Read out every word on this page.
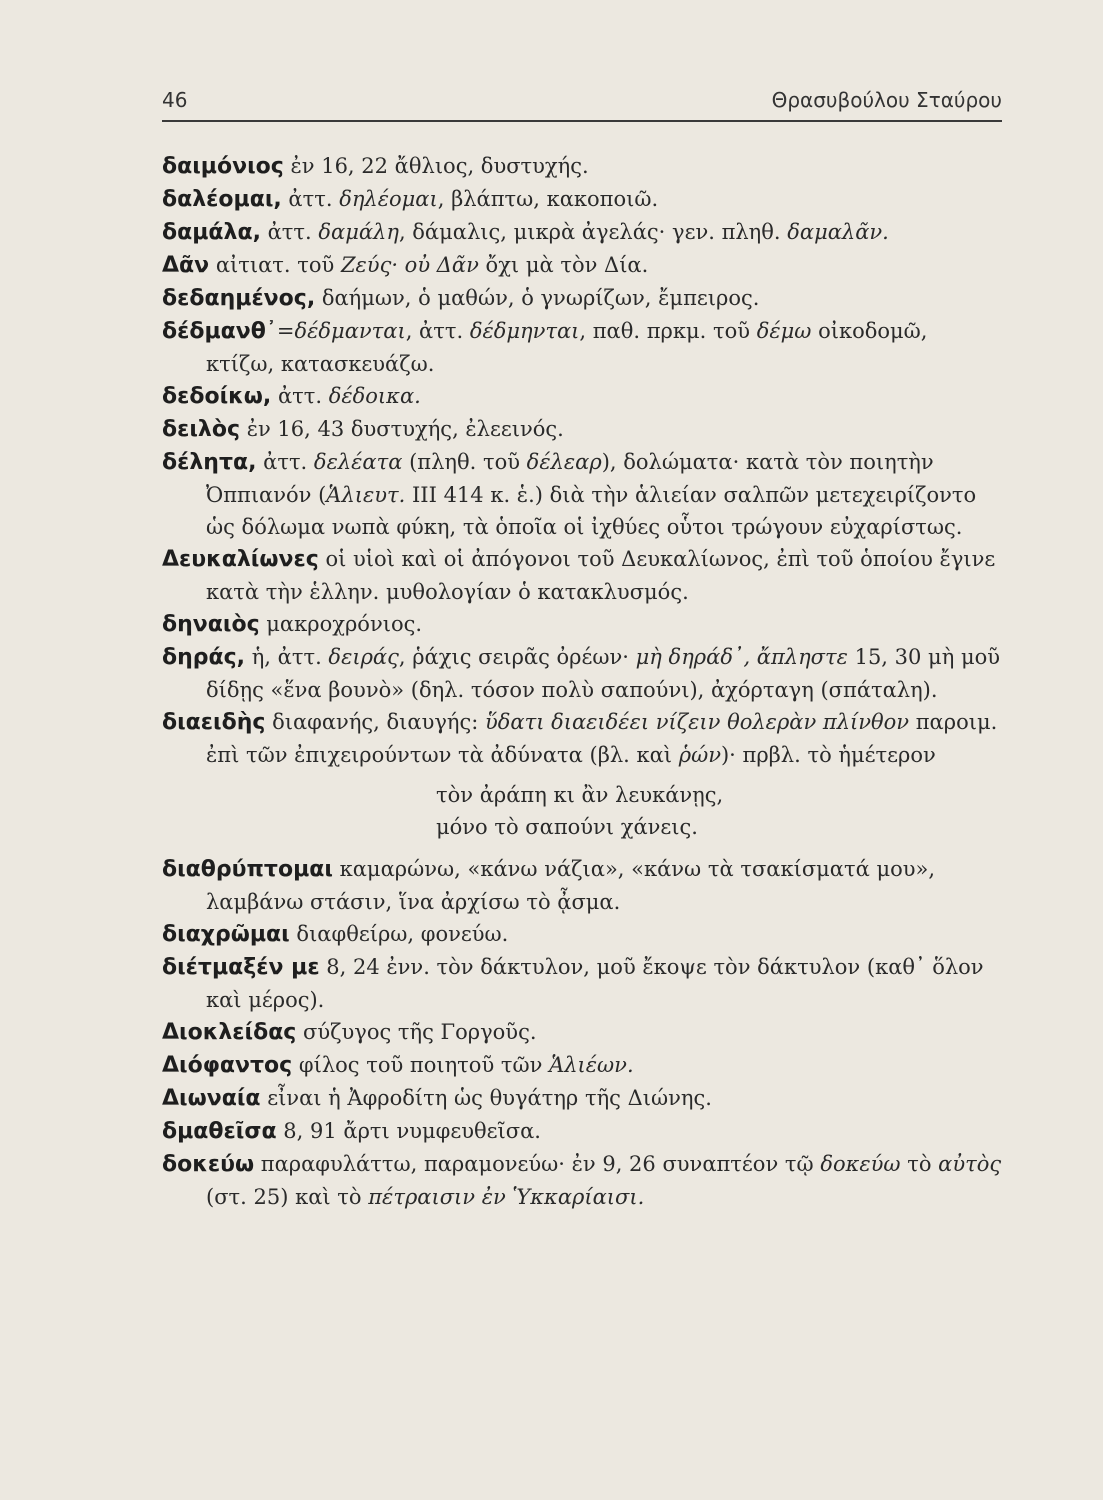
46	Θρασυβούλου Σταύρου

δαιμόνιος ἐν 16, 22 ἄθλιος, δυστυχής.

δαλέομαι, ἀττ. δηλέομαι, βλάπτω, κακοποιῶ.

δαμάλα, ἀττ. δαμάλη, δάμαλις, μικρὰ ἀγελάς· γεν. πληθ. δαμαλᾶν.

Δᾶν αἰτιατ. τοῦ Ζεύς· οὐ Δᾶν ὄχι μὰ τὸν Δία.

δεδαημένος, δαήμων, ὁ μαθών, ὁ γνωρίζων, ἔμπειρος.

δέδμανθ᾽=δέδμανται, ἀττ. δέδμηνται, παθ. πρκμ. τοῦ δέμω οἰκοδομῶ, κτίζω, κατασκευάζω.

δεδοίκω, ἀττ. δέδοικα.

δειλὸς ἐν 16, 43 δυστυχής, ἐλεεινός.

δέλητα, ἀττ. δελέατα (πληθ. τοῦ δέλεαρ), δολώματα· κατὰ τὸν ποιητὴν Ὀππιανόν (Ἁλιευτ. III 414 κ. ἑ.) διὰ τὴν ἁλιείαν σαλπῶν μετεχειρίζοντο ὡς δόλωμα νωπὰ φύκη, τὰ ὁποῖα οἱ ἰχθύες οὗτοι τρώγουν εὐχαρίστως.

Δευκαλίωνες οἱ υἱοὶ καὶ οἱ ἀπόγονοι τοῦ Δευκαλίωνος, ἐπὶ τοῦ ὁποίου ἔγινε κατὰ τὴν ἑλλην. μυθολογίαν ὁ κατακλυσμός.

δηναιὸς μακροχρόνιος.

δηράς, ἡ, ἀττ. δειράς, ῥάχις σειρᾶς ὀρέων· μὴ δηράδ᾽, ἄπληστε 15, 30 μὴ μοῦ δίδῃς «ἕνα βουνὸ» (δηλ. τόσον πολὺ σαπούνι), ἀχόρταγη (σπάταλη).

διαειδὴς διαφανής, διαυγής: ὕδατι διαειδέει νίζειν θολερὰν πλίνθον παροιμ. ἐπὶ τῶν ἐπιχειρούντων τὰ ἀδύνατα (βλ. καὶ ῥών)· πρβλ. τὸ ἡμέτερον

τὸν ἀράπη κι ἂν λευκάνῃς,

μόνο τὸ σαπούνι χάνεις.

διαθρύπτομαι καμαρώνω, «κάνω νάζια», «κάνω τὰ τσακίσματά μου», λαμβάνω στάσιν, ἵνα ἀρχίσω τὸ ᾆσμα.

διαχρῶμαι διαφθείρω, φονεύω.

διέτμαξέν με 8, 24 ἐνν. τὸν δάκτυλον, μοῦ ἔκοψε τὸν δάκτυλον (καθ᾽ ὅλον καὶ μέρος).

Διοκλείδας σύζυγος τῆς Γοργοῦς.

Διόφαντος φίλος τοῦ ποιητοῦ τῶν Ἁλιέων.

Διωναία εἶναι ἡ Ἀφροδίτη ὡς θυγάτηρ τῆς Διώνης.

δμαθεῖσα 8, 91 ἄρτι νυμφευθεῖσα.

δοκεύω παραφυλάττω, παραμονεύω· ἐν 9, 26 συναπτέον τῷ δοκεύω τὸ αὐτὸς (στ. 25) καὶ τὸ πέτραισιν ἐν Ὑκκαρίαισι.
